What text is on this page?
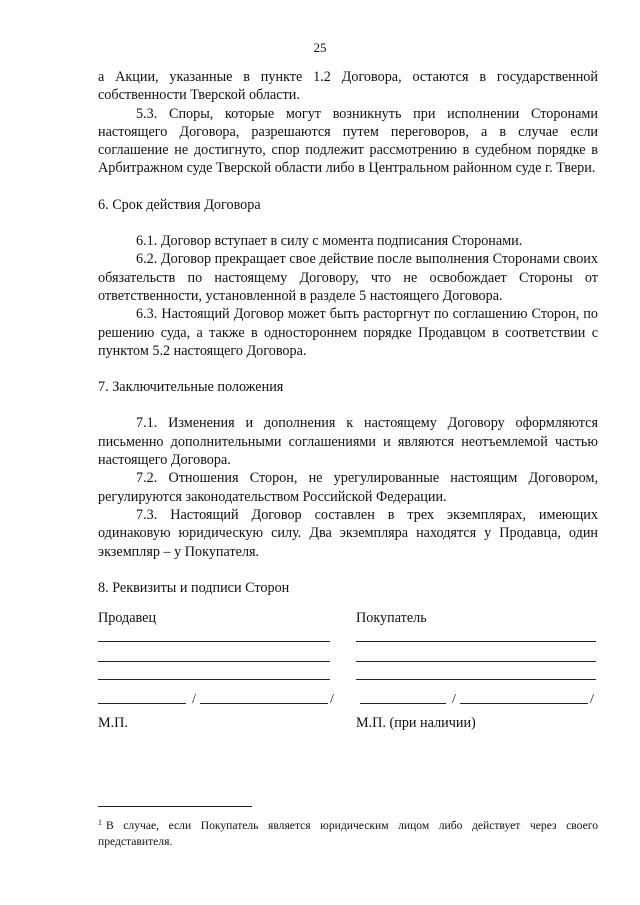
25

а Акции, указанные в пункте 1.2 Договора, остаются в государственной собственности Тверской области.

5.3. Споры, которые могут возникнуть при исполнении Сторонами настоящего Договора, разрешаются путем переговоров, а в случае если соглашение не достигнуто, спор подлежит рассмотрению в судебном порядке в Арбитражном суде Тверской области либо в Центральном районном суде г. Твери.

6. Срок действия Договора

6.1. Договор вступает в силу с момента подписания Сторонами.

6.2. Договор прекращает свое действие после выполнения Сторонами своих обязательств по настоящему Договору, что не освобождает Стороны от ответственности, установленной в разделе 5 настоящего Договора.

6.3. Настоящий Договор может быть расторгнут по соглашению Сторон, по решению суда, а также в одностороннем порядке Продавцом в соответствии с пунктом 5.2 настоящего Договора.

7. Заключительные положения

7.1. Изменения и дополнения к настоящему Договору оформляются письменно дополнительными соглашениями и являются неотъемлемой частью настоящего Договора.

7.2. Отношения Сторон, не урегулированные настоящим Договором, регулируются законодательством Российской Федерации.

7.3. Настоящий Договор составлен в трех экземплярах, имеющих одинаковую юридическую силу. Два экземпляра находятся у Продавца, один экземпляр – у Покупателя.

8. Реквизиты и подписи Сторон

Продавец
/	/
М.П.
Покупатель
/	/
М.П. (при наличии)
$^1$ В случае, если Покупатель является юридическим лицом либо действует через своего представителя.
